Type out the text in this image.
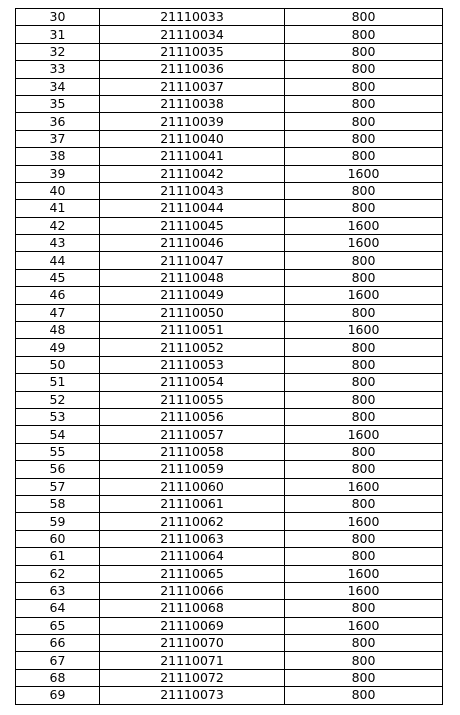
30	21110033	800
31	21110034	800
32	21110035	800
33	21110036	800
34	21110037	800
35	21110038	800
36	21110039	800
37	21110040	800
38	21110041	800
39	21110042	1600
40	21110043	800
41	21110044	800
42	21110045	1600
43	21110046	1600
44	21110047	800
45	21110048	800
46	21110049	1600
47	21110050	800
48	21110051	1600
49	21110052	800
50	21110053	800
51	21110054	800
52	21110055	800
53	21110056	800
54	21110057	1600
55	21110058	800
56	21110059	800
57	21110060	1600
58	21110061	800
59	21110062	1600
60	21110063	800
61	21110064	800
62	21110065	1600
63	21110066	1600
64	21110068	800
65	21110069	1600
66	21110070	800
67	21110071	800
68	21110072	800
69	21110073	800
